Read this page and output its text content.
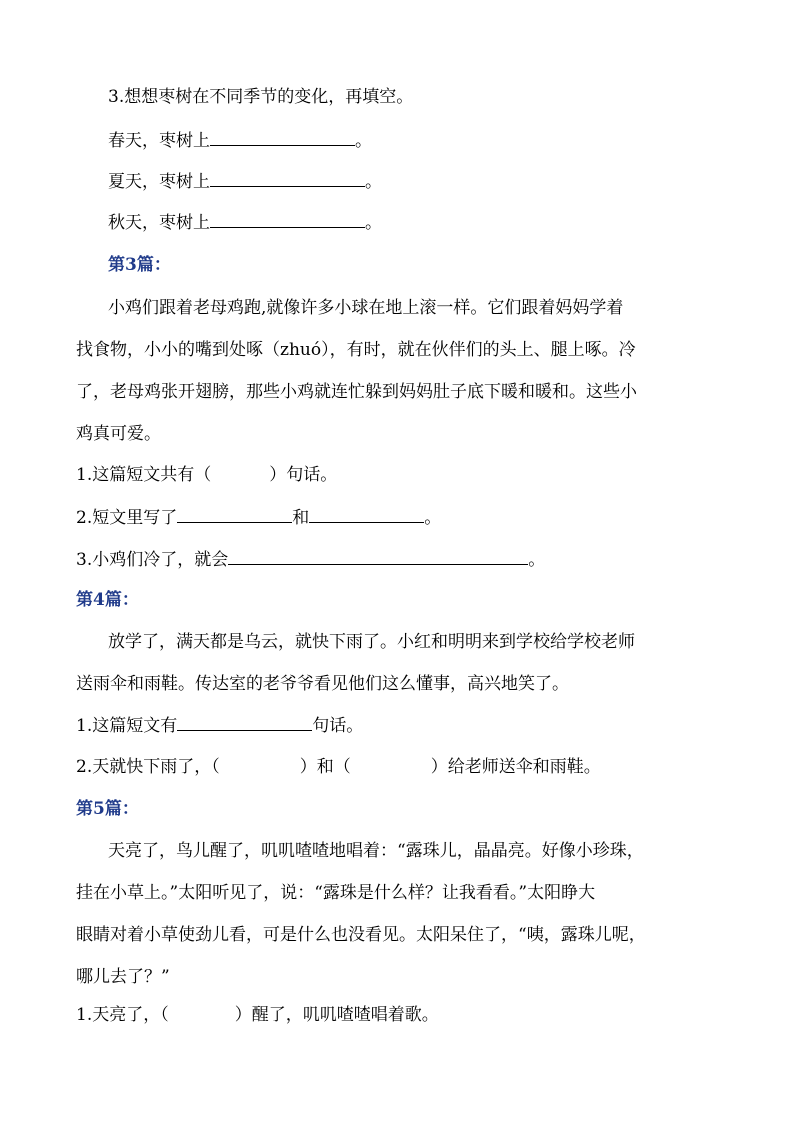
3.想想枣树在不同季节的变化，再填空。
春天，枣树上	。
夏天，枣树上	。
秋天，枣树上	。
第3篇：
小鸡们跟着老母鸡跑,就像许多小球在地上滚一样。它们跟着妈妈学着
找食物，小小的嘴到处啄（zhuó），有时，就在伙伴们的头上、腿上啄。冷
了，老母鸡张开翅膀，那些小鸡就连忙躲到妈妈肚子底下暖和暖和。这些小
鸡真可爱。
1.这篇短文共有（	）句话。
2.短文里写了	和	。
3.小鸡们冷了，就会	。
第4篇：
放学了，满天都是乌云，就快下雨了。小红和明明来到学校给学校老师
送雨伞和雨鞋。传达室的老爷爷看见他们这么懂事，高兴地笑了。
1.这篇短文有	句话。
2.天就快下雨了，（	）和（	）给老师送伞和雨鞋。
第5篇：
天亮了，鸟儿醒了，叽叽喳喳地唱着：“露珠儿，晶晶亮。好像小珍珠，
挂在小草上。”太阳听见了，说：“露珠是什么样？让我看看。”太阳睁大
眼睛对着小草使劲儿看，可是什么也没看见。太阳呆住了，“咦，露珠儿呢，
哪儿去了？”
1.天亮了，（	）醒了，叽叽喳喳唱着歌。
